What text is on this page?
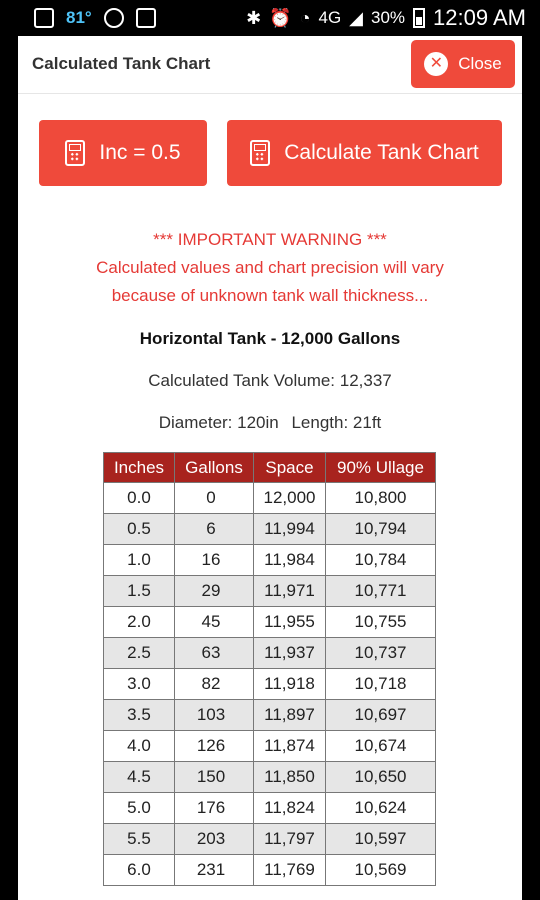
81°	✱ ⏰ ◔ 4G ◢ 30% 12:09 AM
Calculated Tank Chart	✕ Close
Inc = 0.5	Calculate Tank Chart
*** IMPORTANT WARNING ***
Calculated values and chart precision will vary
because of unknown tank wall thickness...
Horizontal Tank - 12,000 Gallons
Calculated Tank Volume: 12,337
Diameter: 120in Length: 21ft
Inches	Gallons	Space	90% Ullage
0.0	0	12,000	10,800
0.5	6	11,994	10,794
1.0	16	11,984	10,784
1.5	29	11,971	10,771
2.0	45	11,955	10,755
2.5	63	11,937	10,737
3.0	82	11,918	10,718
3.5	103	11,897	10,697
4.0	126	11,874	10,674
4.5	150	11,850	10,650
5.0	176	11,824	10,624
5.5	203	11,797	10,597
6.0	231	11,769	10,569
